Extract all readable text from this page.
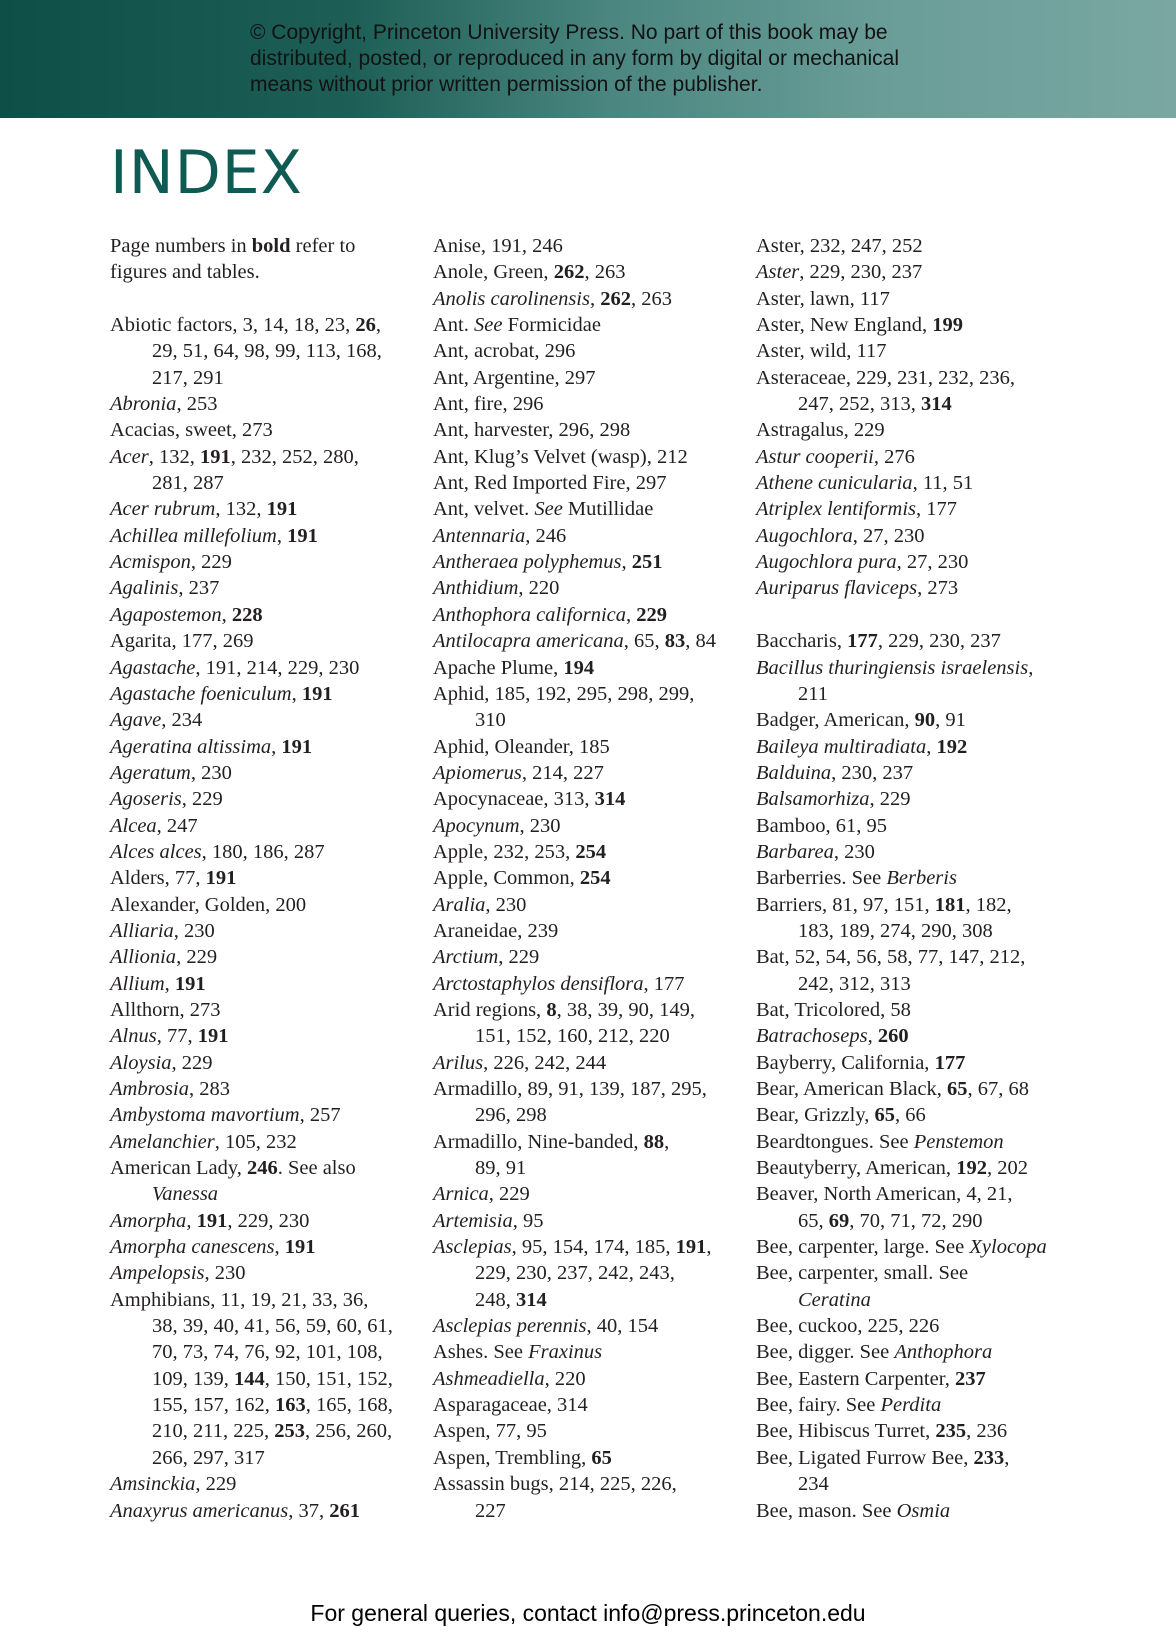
© Copyright, Princeton University Press. No part of this book may be
distributed, posted, or reproduced in any form by digital or mechanical
means without prior written permission of the publisher.
INDEX
Page numbers in bold refer to
figures and tables.
Abiotic factors, 3, 14, 18, 23, 26,
29, 51, 64, 98, 99, 113, 168,
217, 291
Abronia, 253
Acacias, sweet, 273
Acer, 132, 191, 232, 252, 280,
281, 287
Acer rubrum, 132, 191
Achillea millefolium, 191
Acmispon, 229
Agalinis, 237
Agapostemon, 228
Agarita, 177, 269
Agastache, 191, 214, 229, 230
Agastache foeniculum, 191
Agave, 234
Ageratina altissima, 191
Ageratum, 230
Agoseris, 229
Alcea, 247
Alces alces, 180, 186, 287
Alders, 77, 191
Alexander, Golden, 200
Alliaria, 230
Allionia, 229
Allium, 191
Allthorn, 273
Alnus, 77, 191
Aloysia, 229
Ambrosia, 283
Ambystoma mavortium, 257
Amelanchier, 105, 232
American Lady, 246. See also
Vanessa
Amorpha, 191, 229, 230
Amorpha canescens, 191
Ampelopsis, 230
Amphibians, 11, 19, 21, 33, 36,
38, 39, 40, 41, 56, 59, 60, 61,
70, 73, 74, 76, 92, 101, 108,
109, 139, 144, 150, 151, 152,
155, 157, 162, 163, 165, 168,
210, 211, 225, 253, 256, 260,
266, 297, 317
Amsinckia, 229
Anaxyrus americanus, 37, 261
Anise, 191, 246
Anole, Green, 262, 263
Anolis carolinensis, 262, 263
Ant. See Formicidae
Ant, acrobat, 296
Ant, Argentine, 297
Ant, fire, 296
Ant, harvester, 296, 298
Ant, Klug’s Velvet (wasp), 212
Ant, Red Imported Fire, 297
Ant, velvet. See Mutillidae
Antennaria, 246
Antheraea polyphemus, 251
Anthidium, 220
Anthophora californica, 229
Antilocapra americana, 65, 83, 84
Apache Plume, 194
Aphid, 185, 192, 295, 298, 299,
310
Aphid, Oleander, 185
Apiomerus, 214, 227
Apocynaceae, 313, 314
Apocynum, 230
Apple, 232, 253, 254
Apple, Common, 254
Aralia, 230
Araneidae, 239
Arctium, 229
Arctostaphylos densiflora, 177
Arid regions, 8, 38, 39, 90, 149,
151, 152, 160, 212, 220
Arilus, 226, 242, 244
Armadillo, 89, 91, 139, 187, 295,
296, 298
Armadillo, Nine-banded, 88,
89, 91
Arnica, 229
Artemisia, 95
Asclepias, 95, 154, 174, 185, 191,
229, 230, 237, 242, 243,
248, 314
Asclepias perennis, 40, 154
Ashes. See Fraxinus
Ashmeadiella, 220
Asparagaceae, 314
Aspen, 77, 95
Aspen, Trembling, 65
Assassin bugs, 214, 225, 226,
227
Aster, 232, 247, 252
Aster, 229, 230, 237
Aster, lawn, 117
Aster, New England, 199
Aster, wild, 117
Asteraceae, 229, 231, 232, 236,
247, 252, 313, 314
Astragalus, 229
Astur cooperii, 276
Athene cunicularia, 11, 51
Atriplex lentiformis, 177
Augochlora, 27, 230
Augochlora pura, 27, 230
Auriparus flaviceps, 273
Baccharis, 177, 229, 230, 237
Bacillus thuringiensis israelensis,
211
Badger, American, 90, 91
Baileya multiradiata, 192
Balduina, 230, 237
Balsamorhiza, 229
Bamboo, 61, 95
Barbarea, 230
Barberries. See Berberis
Barriers, 81, 97, 151, 181, 182,
183, 189, 274, 290, 308
Bat, 52, 54, 56, 58, 77, 147, 212,
242, 312, 313
Bat, Tricolored, 58
Batrachoseps, 260
Bayberry, California, 177
Bear, American Black, 65, 67, 68
Bear, Grizzly, 65, 66
Beardtongues. See Penstemon
Beautyberry, American, 192, 202
Beaver, North American, 4, 21,
65, 69, 70, 71, 72, 290
Bee, carpenter, large. See Xylocopa
Bee, carpenter, small. See
Ceratina
Bee, cuckoo, 225, 226
Bee, digger. See Anthophora
Bee, Eastern Carpenter, 237
Bee, fairy. See Perdita
Bee, Hibiscus Turret, 235, 236
Bee, Ligated Furrow Bee, 233,
234
Bee, mason. See Osmia
For general queries, contact info@press.princeton.edu
